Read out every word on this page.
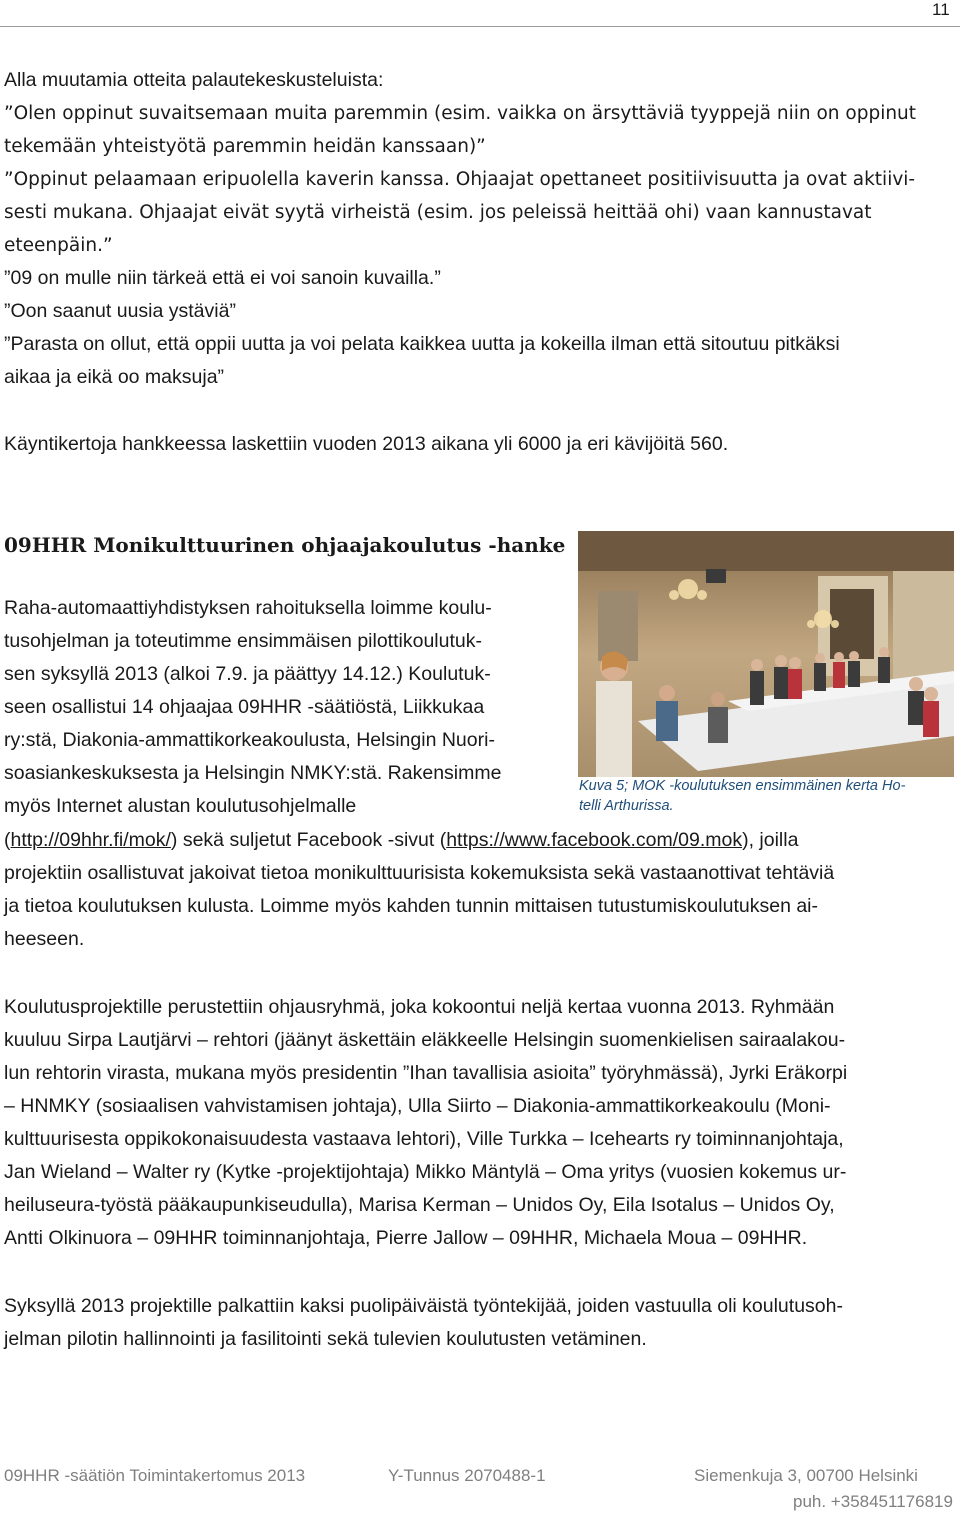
11
Alla muutamia otteita palautekeskusteluista:
”Olen oppinut suvaitsemaan muita paremmin (esim. vaikka on ärsyttäviä tyyppejä niin on oppinut
tekemään yhteistyötä paremmin heidän kanssaan)”
”Oppinut pelaamaan eripuolella kaverin kanssa. Ohjaajat opettaneet positiivisuutta ja ovat aktiivi-
sesti mukana. Ohjaajat eivät syytä virheistä (esim. jos peleissä heittää ohi) vaan kannustavat
eteenpäin.”
”09 on mulle niin tärkeä että ei voi sanoin kuvailla.”
”Oon saanut uusia ystäviä”
”Parasta on ollut, että oppii uutta ja voi pelata kaikkea uutta ja kokeilla ilman että sitoutuu pitkäksi
aikaa ja eikä oo maksuja”
Käyntikertoja hankkeessa laskettiin vuoden 2013 aikana yli 6000 ja eri kävijöitä 560.
09HHR Monikulttuurinen ohjaajakoulutus -hanke
Raha-automaattiyhdistyksen rahoituksella loimme koulu-
tusohjelman ja toteutimme ensimmäisen pilottikoulutuk-
sen syksyllä 2013 (alkoi 7.9. ja päättyy 14.12.) Koulutuk-
seen osallistui 14 ohjaajaa 09HHR -säätiöstä, Liikkukaa
ry:stä, Diakonia-ammattikorkeakoulusta, Helsingin Nuori-
soasiankeskuksesta ja Helsingin NMKY:stä. Rakensimme
myös Internet alustan koulutusohjelmalle
(http://09hhr.fi/mok/) sekä suljetut Facebook -sivut (https://www.facebook.com/09.mok), joilla
projektiin osallistuvat jakoivat tietoa monikulttuurisista kokemuksista sekä vastaanottivat tehtäviä
ja tietoa koulutuksen kulusta. Loimme myös kahden tunnin mittaisen tutustumiskoulutuksen ai-
heeseen.
Kuva 5; MOK -koulutuksen ensimmäinen kerta Ho-
telli Arthurissa.
Koulutusprojektille perustettiin ohjausryhmä, joka kokoontui neljä kertaa vuonna 2013. Ryhmään
kuuluu Sirpa Lautjärvi – rehtori (jäänyt äskettäin eläkkeelle Helsingin suomenkielisen sairaalakou-
lun rehtorin virasta, mukana myös presidentin ”Ihan tavallisia asioita” työryhmässä), Jyrki Eräkorpi
– HNMKY (sosiaalisen vahvistamisen johtaja), Ulla Siirto – Diakonia-ammattikorkeakoulu (Moni-
kulttuurisesta oppikokonaisuudesta vastaava lehtori), Ville Turkka – Icehearts ry toiminnanjohtaja,
Jan Wieland – Walter ry (Kytke -projektijohtaja) Mikko Mäntylä – Oma yritys (vuosien kokemus ur-
heiluseura-työstä pääkaupunkiseudulla), Marisa Kerman – Unidos Oy, Eila Isotalus – Unidos Oy,
Antti Olkinuora – 09HHR toiminnanjohtaja, Pierre Jallow – 09HHR, Michaela Moua – 09HHR.
Syksyllä 2013 projektille palkattiin kaksi puolipäiväistä työntekijää, joiden vastuulla oli koulutusoh-
jelman pilotin hallinnointi ja fasilitointi sekä tulevien koulutusten vetäminen.
09HHR -säätiön Toimintakertomus 2013	Y-Tunnus 2070488-1	Siemenkuja 3, 00700 Helsinki
puh. +358451176819
